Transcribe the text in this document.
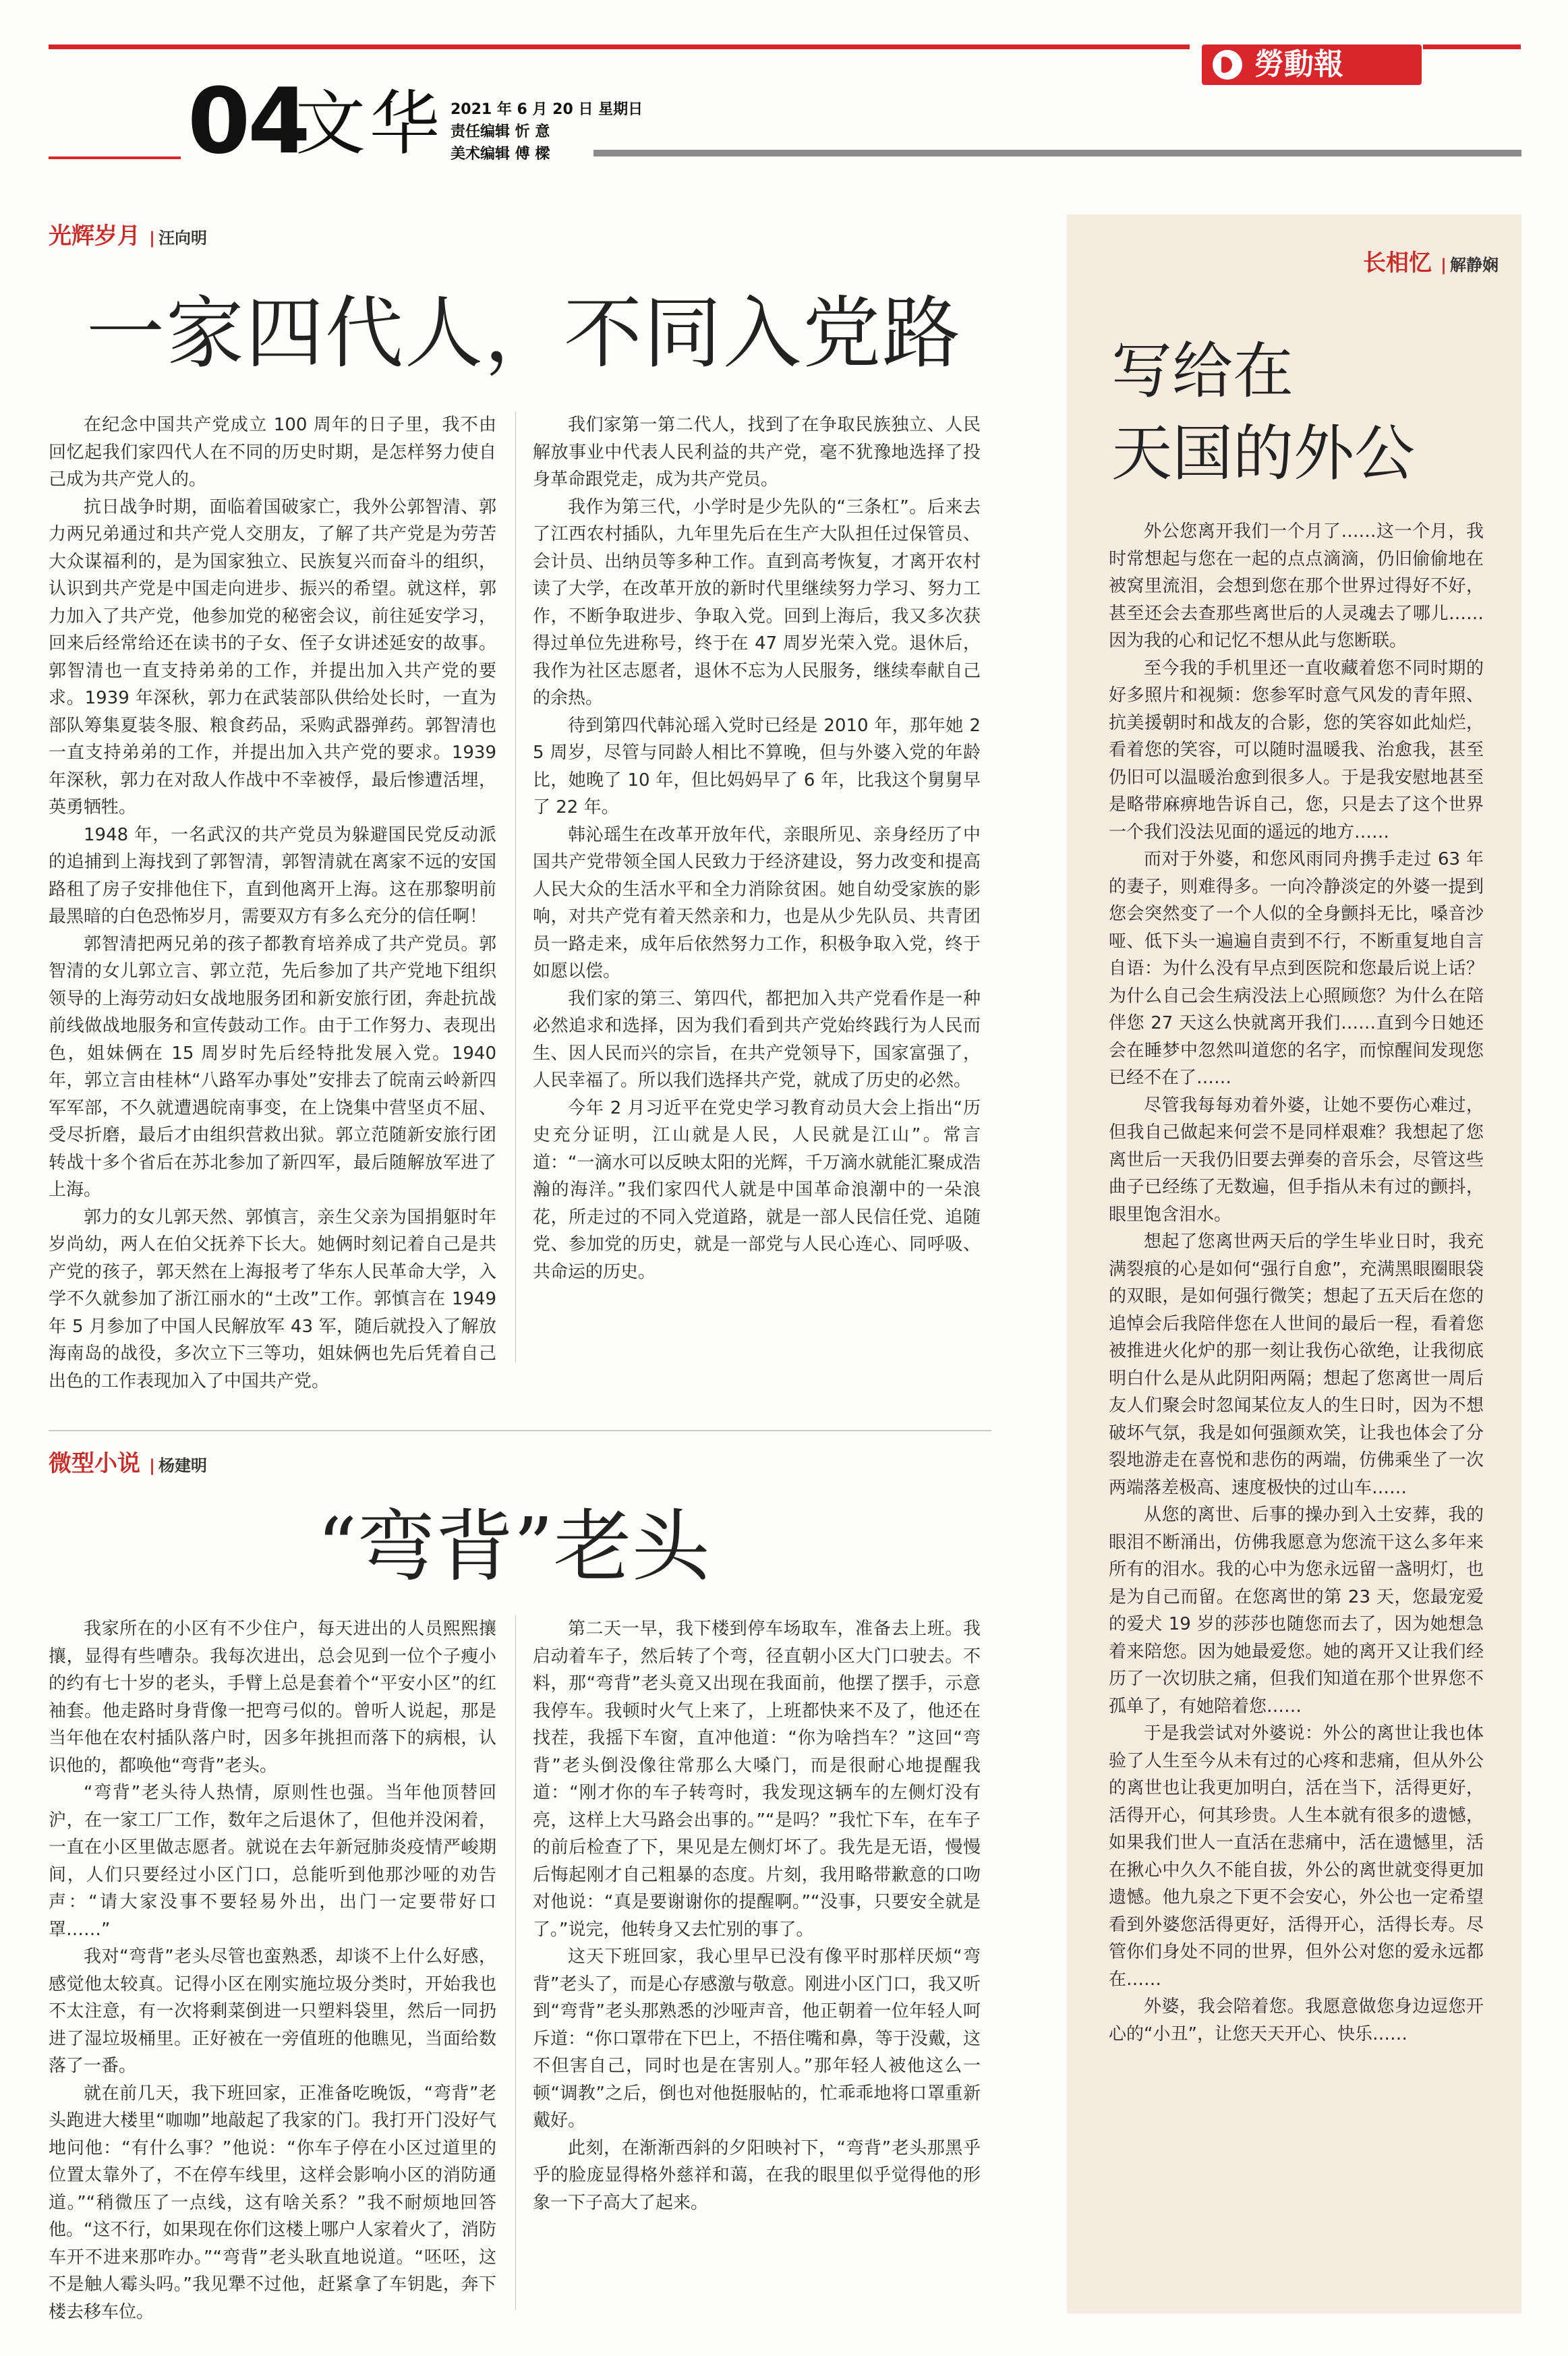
勞動報
04
文华 2021 年 6 月 20 日 星期日
责任编辑 忻 意
美术编辑 傅 樑
光辉岁月 | 汪向明
一家四代人，不同入党路

在纪念中国共产党成立 100 周年的日子里，我不由回忆起我们家四代人在不同的历史时期，是怎样努力使自己成为共产党人的。

抗日战争时期，面临着国破家亡，我外公郭智清、郭力两兄弟通过和共产党人交朋友，了解了共产党是为劳苦大众谋福利的，是为国家独立、民族复兴而奋斗的组织，认识到共产党是中国走向进步、振兴的希望。就这样，郭力加入了共产党，他参加党的秘密会议，前往延安学习，回来后经常给还在读书的子女、侄子女讲述延安的故事。郭智清也一直支持弟弟的工作，并提出加入共产党的要求。1939 年深秋，郭力在武装部队供给处长时，一直为部队筹集夏装冬服、粮食药品，采购武器弹药。郭智清也一直支持弟弟的工作，并提出加入共产党的要求。1939 年深秋，郭力在对敌人作战中不幸被俘，最后惨遭活埋，英勇牺牲。

1948 年，一名武汉的共产党员为躲避国民党反动派的追捕到上海找到了郭智清，郭智清就在离家不远的安国路租了房子安排他住下，直到他离开上海。这在那黎明前最黑暗的白色恐怖岁月，需要双方有多么充分的信任啊！

郭智清把两兄弟的孩子都教育培养成了共产党员。郭智清的女儿郭立言、郭立范，先后参加了共产党地下组织领导的上海劳动妇女战地服务团和新安旅行团，奔赴抗战前线做战地服务和宣传鼓动工作。由于工作努力、表现出色，姐妹俩在 15 周岁时先后经特批发展入党。1940 年，郭立言由桂林“八路军办事处”安排去了皖南云岭新四军军部，不久就遭遇皖南事变，在上饶集中营坚贞不屈、受尽折磨，最后才由组织营救出狱。郭立范随新安旅行团转战十多个省后在苏北参加了新四军，最后随解放军进了上海。

郭力的女儿郭天然、郭慎言，亲生父亲为国捐躯时年岁尚幼，两人在伯父抚养下长大。她俩时刻记着自己是共产党的孩子，郭天然在上海报考了华东人民革命大学，入学不久就参加了浙江丽水的“土改”工作。郭慎言在 1949 年 5 月参加了中国人民解放军 43 军，随后就投入了解放海南岛的战役，多次立下三等功，姐妹俩也先后凭着自己出色的工作表现加入了中国共产党。

我们家第一第二代人，找到了在争取民族独立、人民解放事业中代表人民利益的共产党，毫不犹豫地选择了投身革命跟党走，成为共产党员。

我作为第三代，小学时是少先队的“三条杠”。后来去了江西农村插队，九年里先后在生产大队担任过保管员、会计员、出纳员等多种工作。直到高考恢复，才离开农村读了大学，在改革开放的新时代里继续努力学习、努力工作，不断争取进步、争取入党。回到上海后，我又多次获得过单位先进称号，终于在 47 周岁光荣入党。退休后，我作为社区志愿者，退休不忘为人民服务，继续奉献自己的余热。

待到第四代韩沁瑶入党时已经是 2010 年，那年她 25 周岁，尽管与同龄人相比不算晚，但与外婆入党的年龄比，她晚了 10 年，但比妈妈早了 6 年，比我这个舅舅早了 22 年。

韩沁瑶生在改革开放年代，亲眼所见、亲身经历了中国共产党带领全国人民致力于经济建设，努力改变和提高人民大众的生活水平和全力消除贫困。她自幼受家族的影响，对共产党有着天然亲和力，也是从少先队员、共青团员一路走来，成年后依然努力工作，积极争取入党，终于如愿以偿。

我们家的第三、第四代，都把加入共产党看作是一种必然追求和选择，因为我们看到共产党始终践行为人民而生、因人民而兴的宗旨，在共产党领导下，国家富强了，人民幸福了。所以我们选择共产党，就成了历史的必然。

今年 2 月习近平在党史学习教育动员大会上指出“历史充分证明，江山就是人民，人民就是江山”。常言道：“一滴水可以反映太阳的光辉，千万滴水就能汇聚成浩瀚的海洋。”我们家四代人就是中国革命浪潮中的一朵浪花，所走过的不同入党道路，就是一部人民信任党、追随党、参加党的历史，就是一部党与人民心连心、同呼吸、共命运的历史。

微型小说 | 杨建明
“弯背”老头

我家所在的小区有不少住户，每天进出的人员熙熙攘攘，显得有些嘈杂。我每次进出，总会见到一位个子瘦小的约有七十岁的老头，手臂上总是套着个“平安小区”的红袖套。他走路时身背像一把弯弓似的。曾听人说起，那是当年他在农村插队落户时，因多年挑担而落下的病根，认识他的，都唤他“弯背”老头。

“弯背”老头待人热情，原则性也强。当年他顶替回沪，在一家工厂工作，数年之后退休了，但他并没闲着，一直在小区里做志愿者。就说在去年新冠肺炎疫情严峻期间，人们只要经过小区门口，总能听到他那沙哑的劝告声：“请大家没事不要轻易外出，出门一定要带好口罩……”

我对“弯背”老头尽管也蛮熟悉，却谈不上什么好感，感觉他太较真。记得小区在刚实施垃圾分类时，开始我也不太注意，有一次将剩菜倒进一只塑料袋里，然后一同扔进了湿垃圾桶里。正好被在一旁值班的他瞧见，当面给数落了一番。

就在前几天，我下班回家，正准备吃晚饭，“弯背”老头跑进大楼里“咖咖”地敲起了我家的门。我打开门没好气地问他：“有什么事？”他说：“你车子停在小区过道里的位置太靠外了，不在停车线里，这样会影响小区的消防通道。”“稍微压了一点线，这有啥关系？”我不耐烦地回答他。“这不行，如果现在你们这楼上哪户人家着火了，消防车开不进来那咋办。”“弯背”老头耿直地说道。“呸呸，这不是触人霉头吗。”我见犟不过他，赶紧拿了车钥匙，奔下楼去移车位。

第二天一早，我下楼到停车场取车，准备去上班。我启动着车子，然后转了个弯，径直朝小区大门口驶去。不料，那“弯背”老头竟又出现在我面前，他摆了摆手，示意我停车。我顿时火气上来了，上班都快来不及了，他还在找茬，我摇下车窗，直冲他道：“你为啥挡车？”这回“弯背”老头倒没像往常那么大嗓门，而是很耐心地提醒我道：“刚才你的车子转弯时，我发现这辆车的左侧灯没有亮，这样上大马路会出事的。”“是吗？”我忙下车，在车子的前后检查了下，果见是左侧灯坏了。我先是无语，慢慢后悔起刚才自己粗暴的态度。片刻，我用略带歉意的口吻对他说：“真是要谢谢你的提醒啊。”“没事，只要安全就是了。”说完，他转身又去忙别的事了。

这天下班回家，我心里早已没有像平时那样厌烦“弯背”老头了，而是心存感激与敬意。刚进小区门口，我又听到“弯背”老头那熟悉的沙哑声音，他正朝着一位年轻人呵斥道：“你口罩带在下巴上，不捂住嘴和鼻，等于没戴，这不但害自己，同时也是在害别人。”那年轻人被他这么一顿“调教”之后，倒也对他挺服帖的，忙乖乖地将口罩重新戴好。

此刻，在渐渐西斜的夕阳映衬下，“弯背”老头那黑乎乎的脸庞显得格外慈祥和蔼，在我的眼里似乎觉得他的形象一下子高大了起来。

长相忆 | 解静娴
写给在
天国的外公

外公您离开我们一个月了……这一个月，我时常想起与您在一起的点点滴滴，仍旧偷偷地在被窝里流泪，会想到您在那个世界过得好不好，甚至还会去查那些离世后的人灵魂去了哪儿……因为我的心和记忆不想从此与您断联。

至今我的手机里还一直收藏着您不同时期的好多照片和视频：您参军时意气风发的青年照、抗美援朝时和战友的合影，您的笑容如此灿烂，看着您的笑容，可以随时温暖我、治愈我，甚至仍旧可以温暖治愈到很多人。于是我安慰地甚至是略带麻痹地告诉自己，您，只是去了这个世界一个我们没法见面的遥远的地方……

而对于外婆，和您风雨同舟携手走过 63 年的妻子，则难得多。一向冷静淡定的外婆一提到您会突然变了一个人似的全身颤抖无比，嗓音沙哑、低下头一遍遍自责到不行，不断重复地自言自语：为什么没有早点到医院和您最后说上话？为什么自己会生病没法上心照顾您？为什么在陪伴您 27 天这么快就离开我们……直到今日她还会在睡梦中忽然叫道您的名字，而惊醒间发现您已经不在了……

尽管我每每劝着外婆，让她不要伤心难过，但我自己做起来何尝不是同样艰难？我想起了您离世后一天我仍旧要去弹奏的音乐会，尽管这些曲子已经练了无数遍，但手指从未有过的颤抖，眼里饱含泪水。

想起了您离世两天后的学生毕业日时，我充满裂痕的心是如何“强行自愈”，充满黑眼圈眼袋的双眼，是如何强行微笑；想起了五天后在您的追悼会后我陪伴您在人世间的最后一程，看着您被推进火化炉的那一刻让我伤心欲绝，让我彻底明白什么是从此阴阳两隔；想起了您离世一周后友人们聚会时忽闻某位友人的生日时，因为不想破坏气氛，我是如何强颜欢笑，让我也体会了分裂地游走在喜悦和悲伤的两端，仿佛乘坐了一次两端落差极高、速度极快的过山车……

从您的离世、后事的操办到入土安葬，我的眼泪不断涌出，仿佛我愿意为您流干这么多年来所有的泪水。我的心中为您永远留一盏明灯，也是为自己而留。在您离世的第 23 天，您最宠爱的爱犬 19 岁的莎莎也随您而去了，因为她想急着来陪您。因为她最爱您。她的离开又让我们经历了一次切肤之痛，但我们知道在那个世界您不孤单了，有她陪着您……

于是我尝试对外婆说：外公的离世让我也体验了人生至今从未有过的心疼和悲痛，但从外公的离世也让我更加明白，活在当下，活得更好，活得开心，何其珍贵。人生本就有很多的遗憾，如果我们世人一直活在悲痛中，活在遗憾里，活在揪心中久久不能自拔，外公的离世就变得更加遗憾。他九泉之下更不会安心，外公也一定希望看到外婆您活得更好，活得开心，活得长寿。尽管你们身处不同的世界，但外公对您的爱永远都在……

外婆，我会陪着您。我愿意做您身边逗您开心的“小丑”，让您天天开心、快乐……
